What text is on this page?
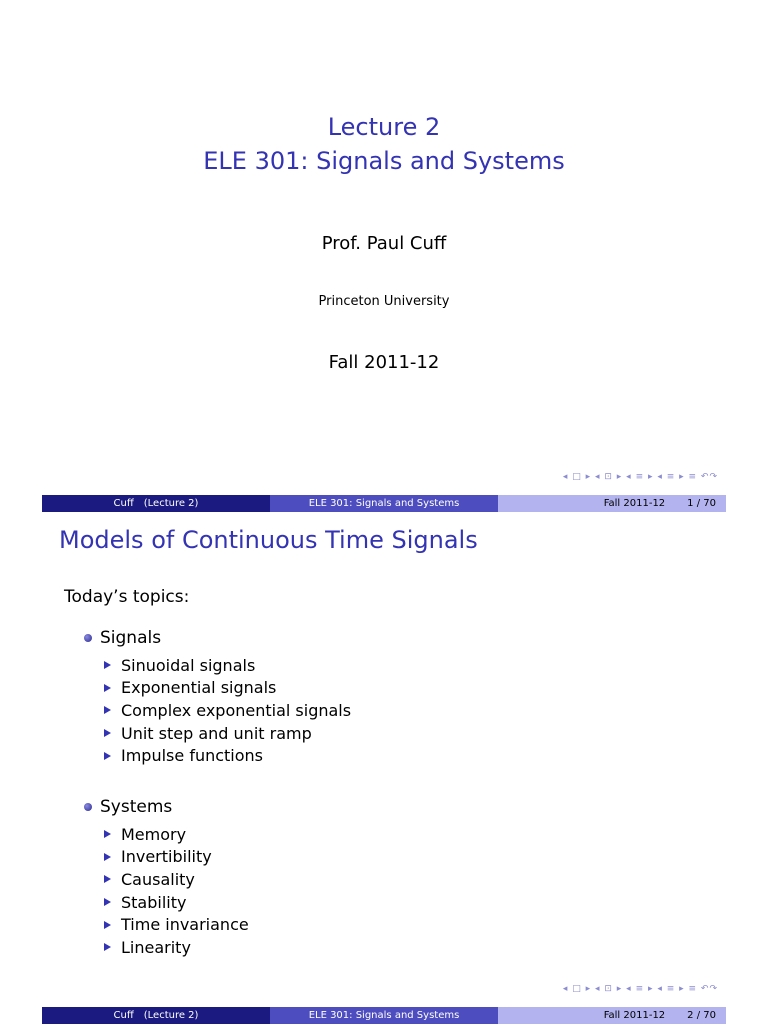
Lecture 2
ELE 301: Signals and Systems
Prof. Paul Cuff
Princeton University
Fall 2011-12
◂ □ ▸ ◂ ⊡ ▸ ◂ ≡ ▸ ◂ ≡ ▸ ≡ ↶↷
Cuff (Lecture 2)	ELE 301: Signals and Systems	Fall 2011-12 1 / 70
Models of Continuous Time Signals
Today’s topics:
Signals
Sinuoidal signals
Exponential signals
Complex exponential signals
Unit step and unit ramp
Impulse functions
Systems
Memory
Invertibility
Causality
Stability
Time invariance
Linearity
◂ □ ▸ ◂ ⊡ ▸ ◂ ≡ ▸ ◂ ≡ ▸ ≡ ↶↷
Cuff (Lecture 2)	ELE 301: Signals and Systems	Fall 2011-12 2 / 70
